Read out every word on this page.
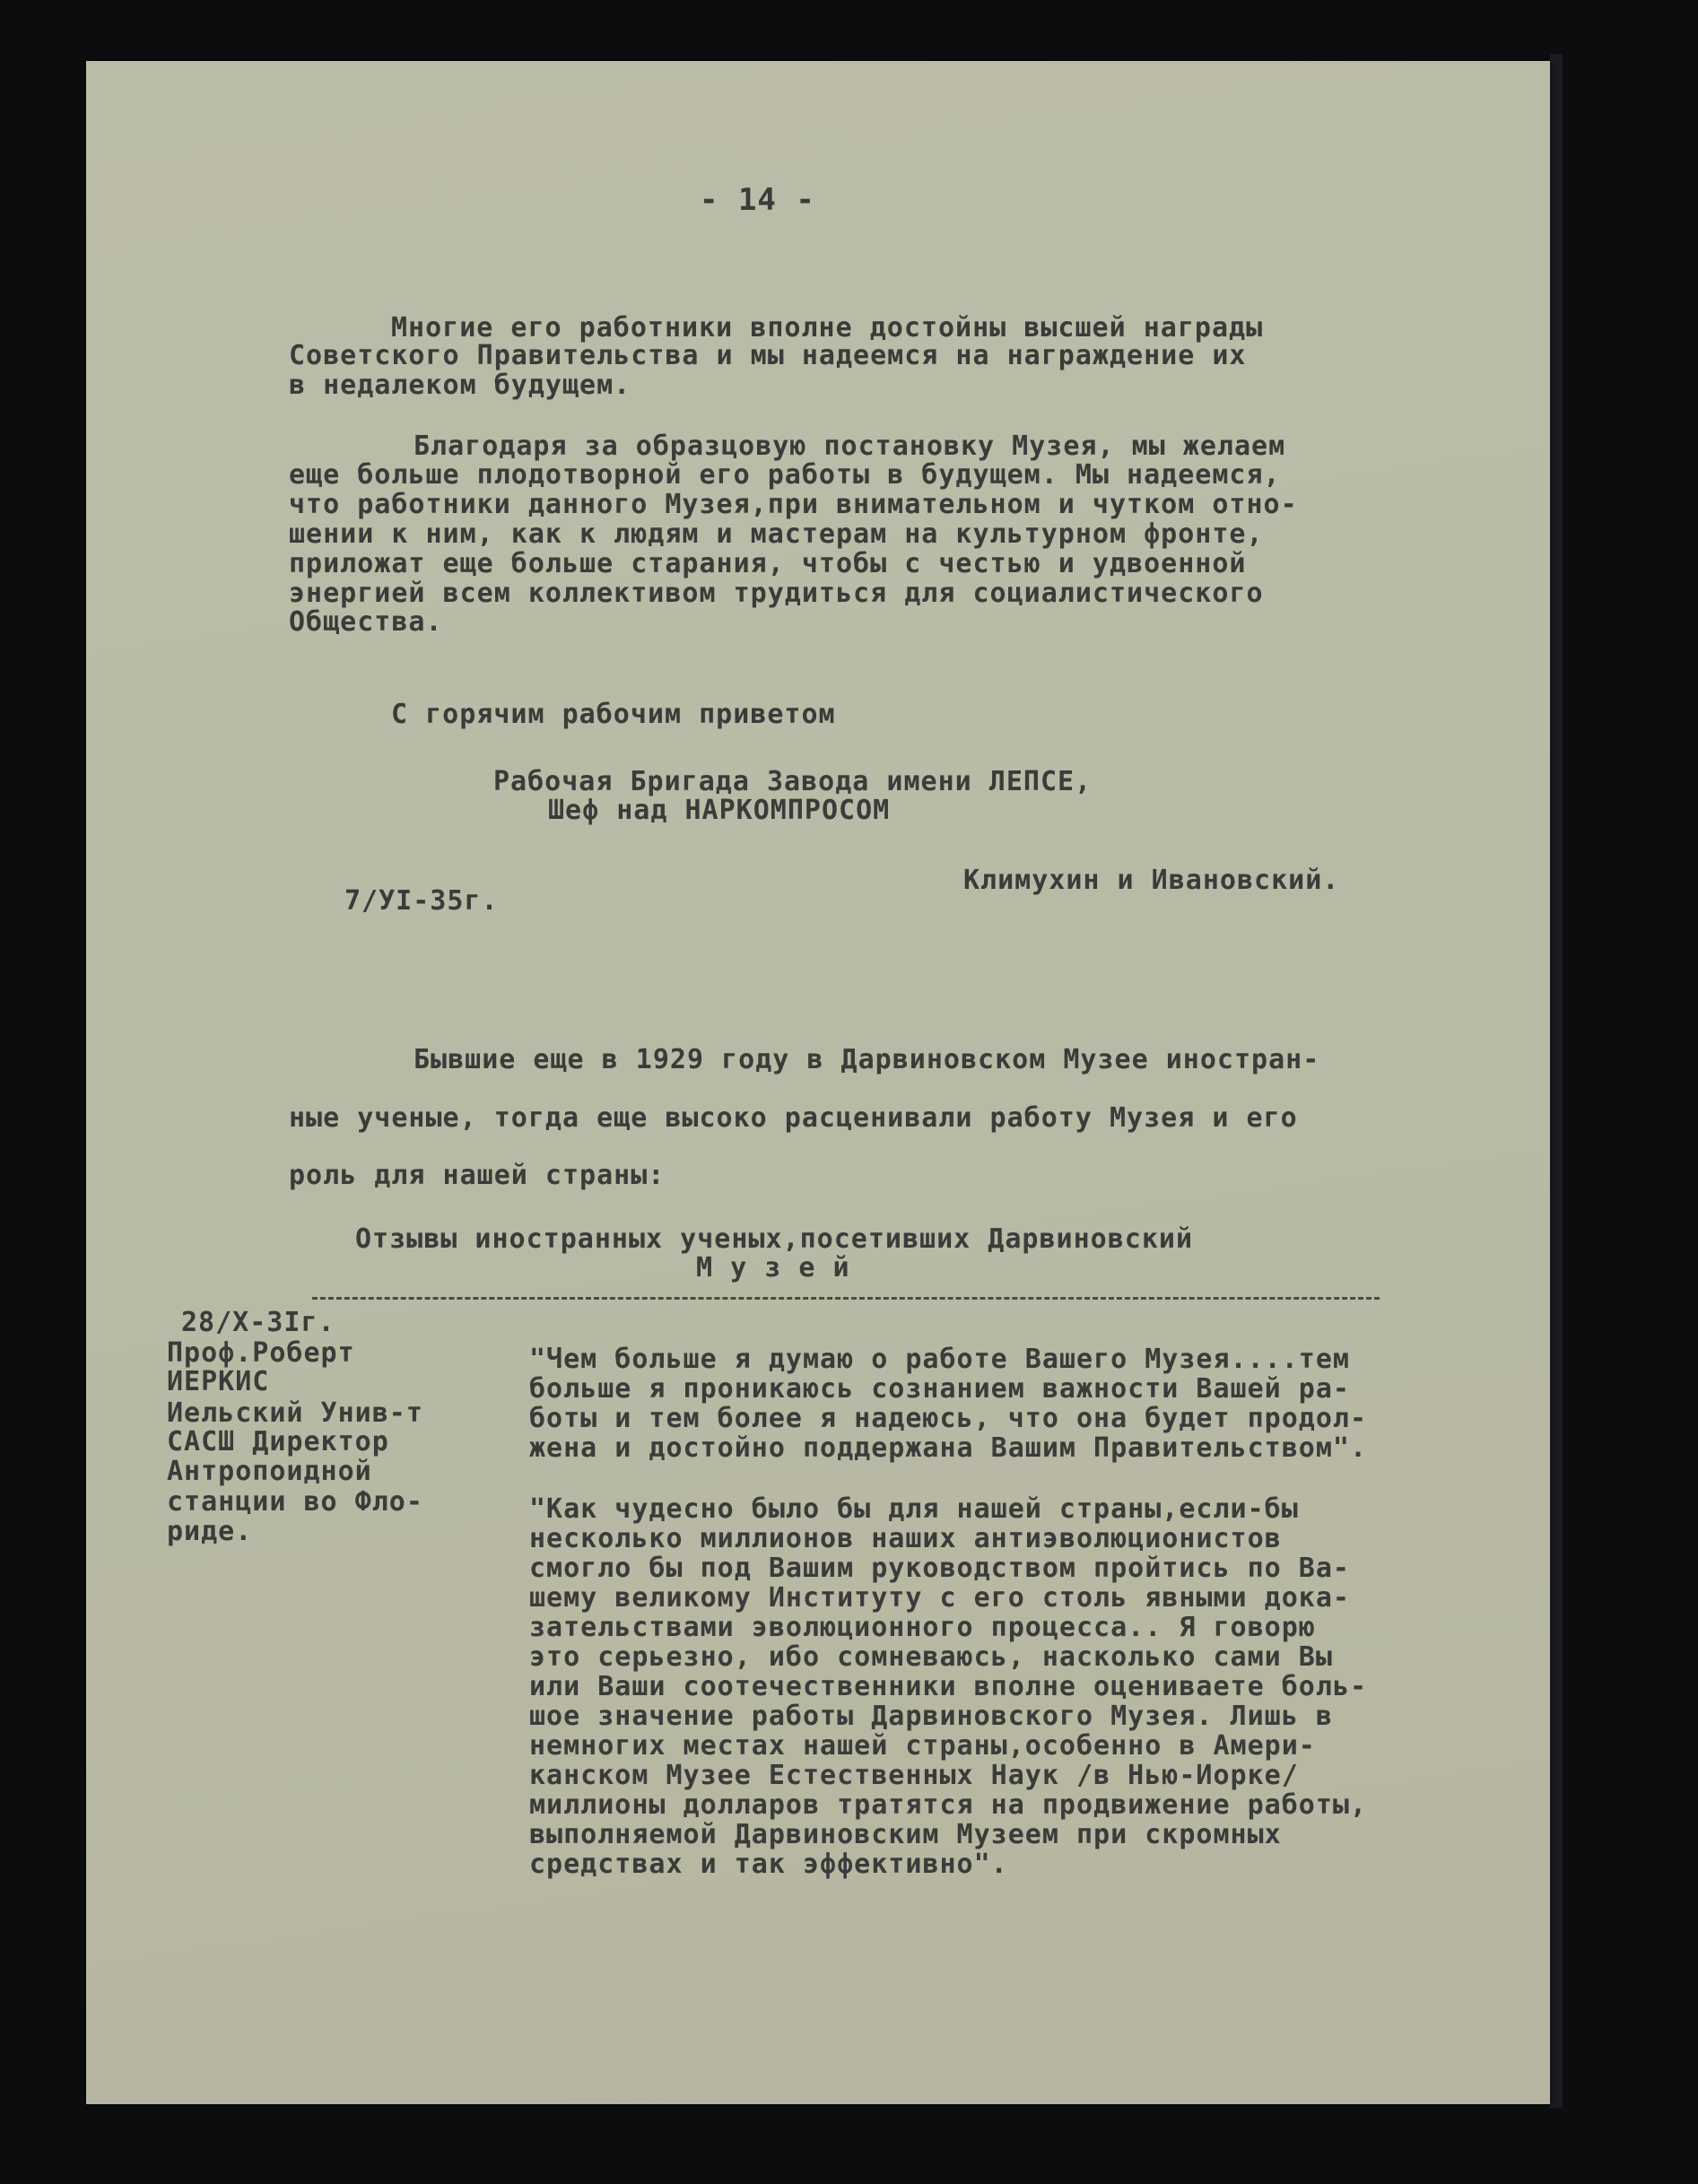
- 14 -
Многие его работники вполне достойны высшей награды
Советского Правительства и мы надеемся на награждение их
в недалеком будущем.
Благодаря за образцовую постановку Музея, мы желаем
еще больше плодотворной его работы в будущем. Мы надеемся,
что работники данного Музея,при внимательном и чутком отно-
шении к ним, как к людям и мастерам на культурном фронте,
приложат еще больше старания, чтобы с честью и удвоенной
энергией всем коллективом трудиться для социалистического
Общества.
С горячим рабочим приветом
Рабочая Бригада Завода имени ЛЕПСЕ,
Шеф над НАРКОМПРОСОМ
Климухин и Ивановский.
7/УI-35г.
Бывшие еще в 1929 году в Дарвиновском Музее иностран-
ные ученые, тогда еще высоко расценивали работу Музея и его
роль для нашей страны:
Отзывы иностранных ученых,посетивших Дарвиновский
М у з е й
28/Х-3Iг.
Проф.Роберт
ИЕРКИС
Иельский Унив-т
САСШ Директор
Антропоидной
станции во Фло-
риде.
"Чем больше я думаю о работе Вашего Музея....тем
больше я проникаюсь сознанием важности Вашей ра-
боты и тем более я надеюсь, что она будет продол-
жена и достойно поддержана Вашим Правительством".
"Как чудесно было бы для нашей страны,если-бы
несколько миллионов наших антиэволюционистов
смогло бы под Вашим руководством пройтись по Ва-
шему великому Институту с его столь явными дока-
зательствами эволюционного процесса.. Я говорю
это серьезно, ибо сомневаюсь, насколько сами Вы
или Ваши соотечественники вполне оцениваете боль-
шое значение работы Дарвиновского Музея. Лишь в
немногих местах нашей страны,особенно в Амери-
канском Музее Естественных Наук /в Нью-Иорке/
миллионы долларов тратятся на продвижение работы,
выполняемой Дарвиновским Музеем при скромных
средствах и так эффективно".
